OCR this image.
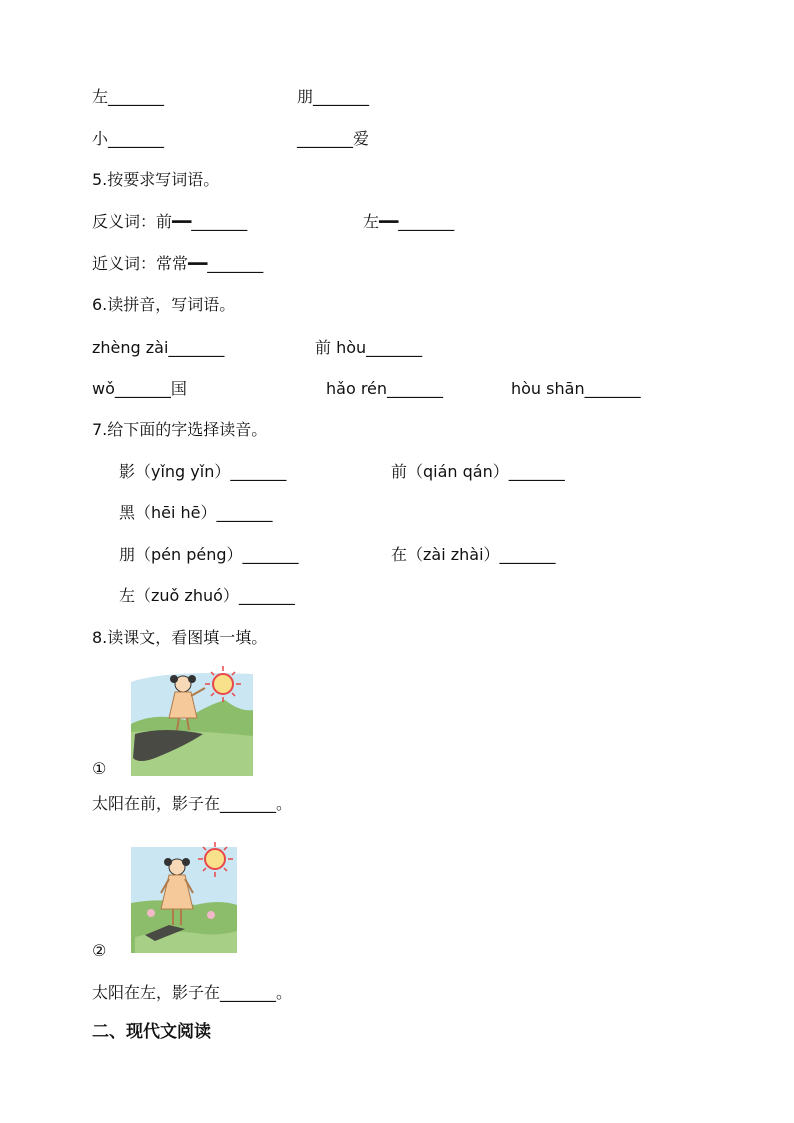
左_______	朋_______
小_______	_______爱
5.按要求写词语。
反义词：前━━_______	左━━_______
近义词：常常━━_______
6.读拼音，写词语。
zhèng zài_______	前 hòu_______
wǒ_______国	hǎo rén_______	hòu shān_______
7.给下面的字选择读音。
影（yǐng yǐn）_______	前（qián qán）_______
黑（hēi hē）_______
朋（pén péng）_______	在（zài zhài）_______
左（zuǒ zhuó）_______
8.读课文，看图填一填。
①
太阳在前，影子在_______。
②
太阳在左，影子在_______。
二、现代文阅读
